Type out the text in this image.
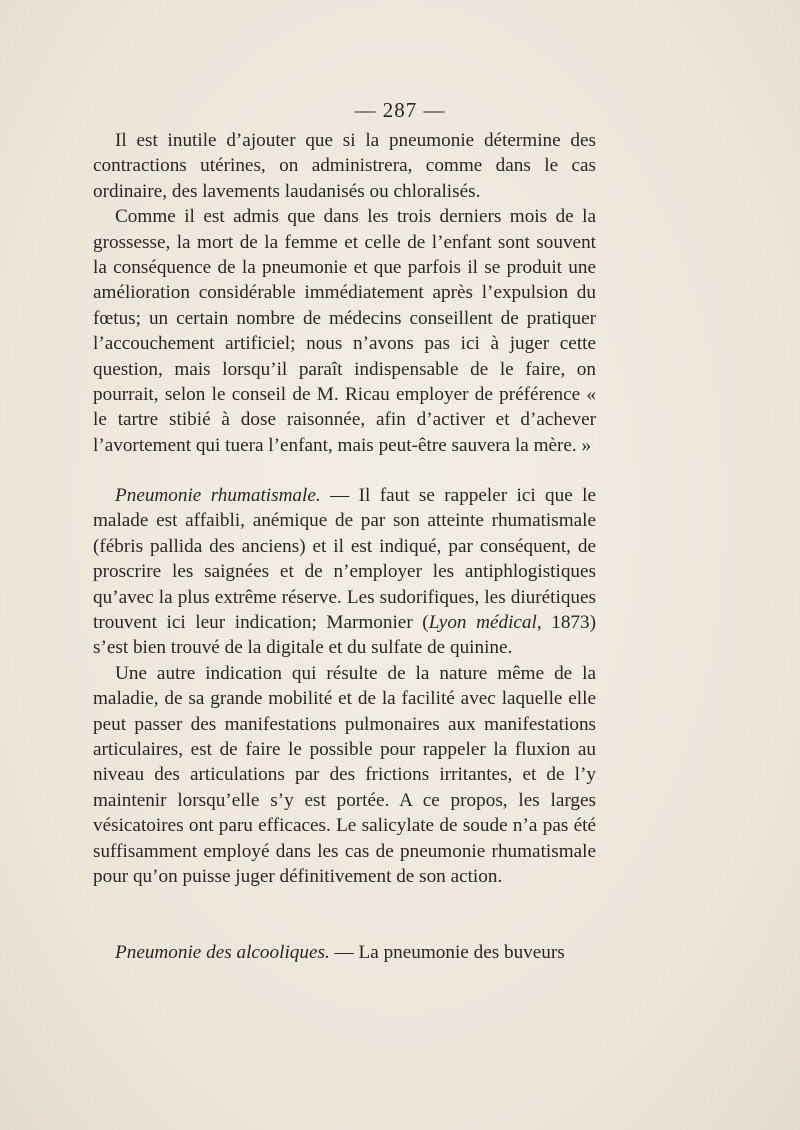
— 287 —

Il est inutile d’ajouter que si la pneumonie détermine des contractions utérines, on administrera, comme dans le cas ordinaire, des lavements laudanisés ou chloralisés.

Comme il est admis que dans les trois derniers mois de la grossesse, la mort de la femme et celle de l’enfant sont souvent la conséquence de la pneumonie et que parfois il se produit une amélioration considérable immédiatement après l’expulsion du fœtus; un certain nombre de médecins conseillent de pratiquer l’accouchement artificiel; nous n’avons pas ici à juger cette question, mais lorsqu’il paraît indispensable de le faire, on pourrait, selon le conseil de M. Ricau employer de préférence « le tartre stibié à dose raisonnée, afin d’activer et d’achever l’avortement qui tuera l’enfant, mais peut-être sauvera la mère. »

Pneumonie rhumatismale. — Il faut se rappeler ici que le malade est affaibli, anémique de par son atteinte rhumatismale (fébris pallida des anciens) et il est indiqué, par conséquent, de proscrire les saignées et de n’employer les antiphlogistiques qu’avec la plus extrême réserve. Les sudorifiques, les diurétiques trouvent ici leur indication; Marmonier (Lyon médical, 1873) s’est bien trouvé de la digitale et du sulfate de quinine.

Une autre indication qui résulte de la nature même de la maladie, de sa grande mobilité et de la facilité avec laquelle elle peut passer des manifestations pulmonaires aux manifestations articulaires, est de faire le possible pour rappeler la fluxion au niveau des articulations par des frictions irritantes, et de l’y maintenir lorsqu’elle s’y est portée. A ce propos, les larges vésicatoires ont paru efficaces. Le salicylate de soude n’a pas été suffisamment employé dans les cas de pneumonie rhumatismale pour qu’on puisse juger définitivement de son action.

Pneumonie des alcooliques. — La pneumonie des buveurs
